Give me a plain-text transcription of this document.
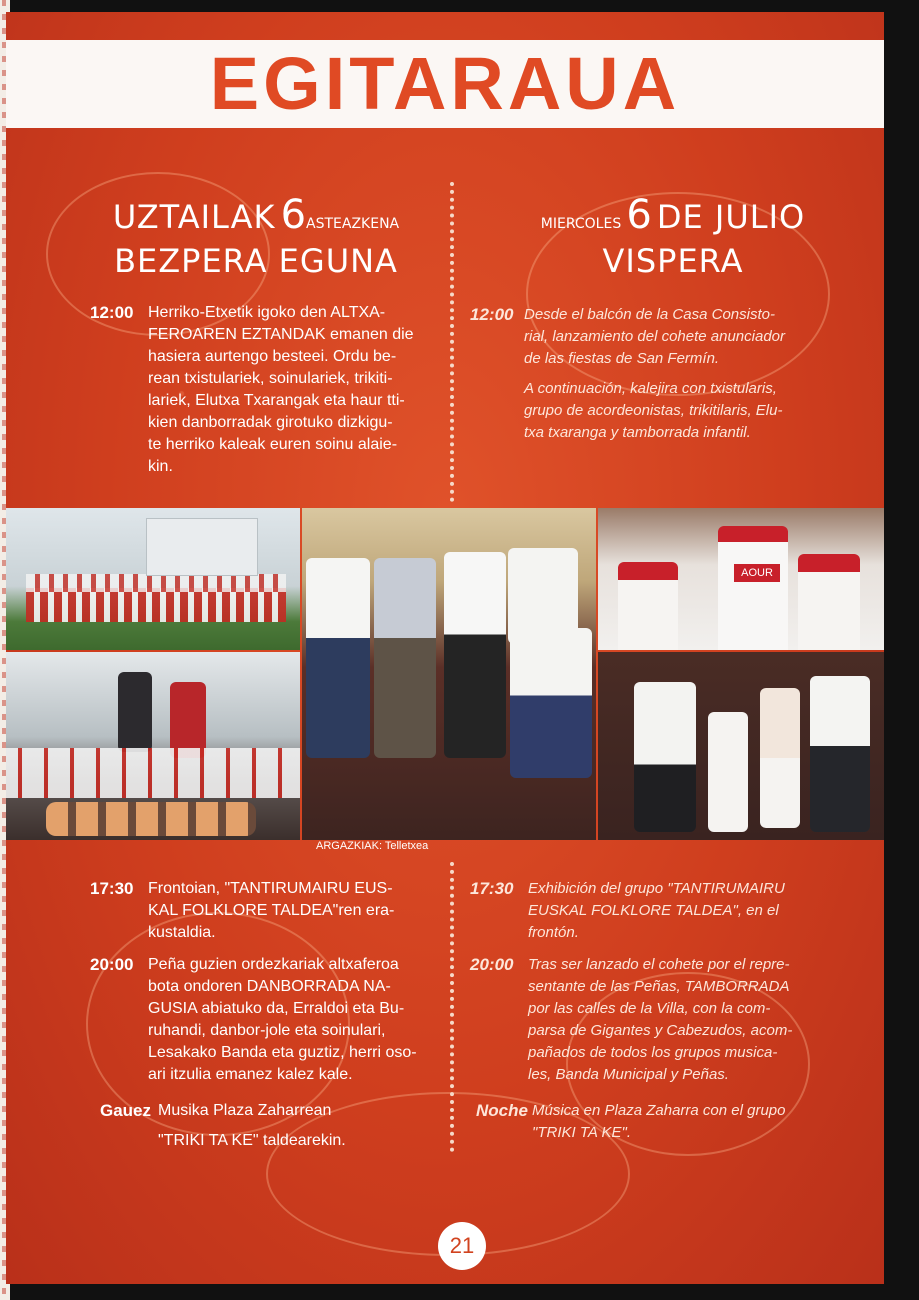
EGITARAUA
UZTAILAK 6ASTEAZKENA
BEZPERA EGUNA
MIERCOLES 6 DE JULIO
VISPERA
12:00 Herriko-Etxetik igoko den ALTXA-
FEROAREN EZTANDAK emanen die
hasiera aurtengo besteei. Ordu be-
rean txistulariek, soinulariek, trikiti-
lariek, Elutxa Txarangak eta haur tti-
kien danborradak girotuko dizkigu-
te herriko kaleak euren soinu alaie-
kin.
12:00 Desde el balcón de la Casa Consisto-
rial, lanzamiento del cohete anunciador
de las fiestas de San Fermín.
A continuación, kalejira con txistularis,
grupo de acordeonistas, trikitilaris, Elu-
txa txaranga y tamborrada infantil.
ARGAZKIAK: Telletxea
AOUR
17:30 Frontoian, "TANTIRUMAIRU EUS-
KAL FOLKLORE TALDEA"ren era-
kustaldia.
20:00 Peña guzien ordezkariak altxaferoa
bota ondoren DANBORRADA NA-
GUSIA abiatuko da, Erraldoi eta Bu-
ruhandi, danbor-jole eta soinulari,
Lesakako Banda eta guztiz, herri oso-
ari itzulia emanez kalez kale.
Gauez Musika Plaza Zaharrean
"TRIKI TA KE" taldearekin.
17:30 Exhibición del grupo "TANTIRUMAIRU
EUSKAL FOLKLORE TALDEA", en el
frontón.
20:00 Tras ser lanzado el cohete por el repre-
sentante de las Peñas, TAMBORRADA
por las calles de la Villa, con la com-
parsa de Gigantes y Cabezudos, acom-
pañados de todos los grupos musica-
les, Banda Municipal y Peñas.
Noche Música en Plaza Zaharra con el grupo
"TRIKI TA KE".
21
